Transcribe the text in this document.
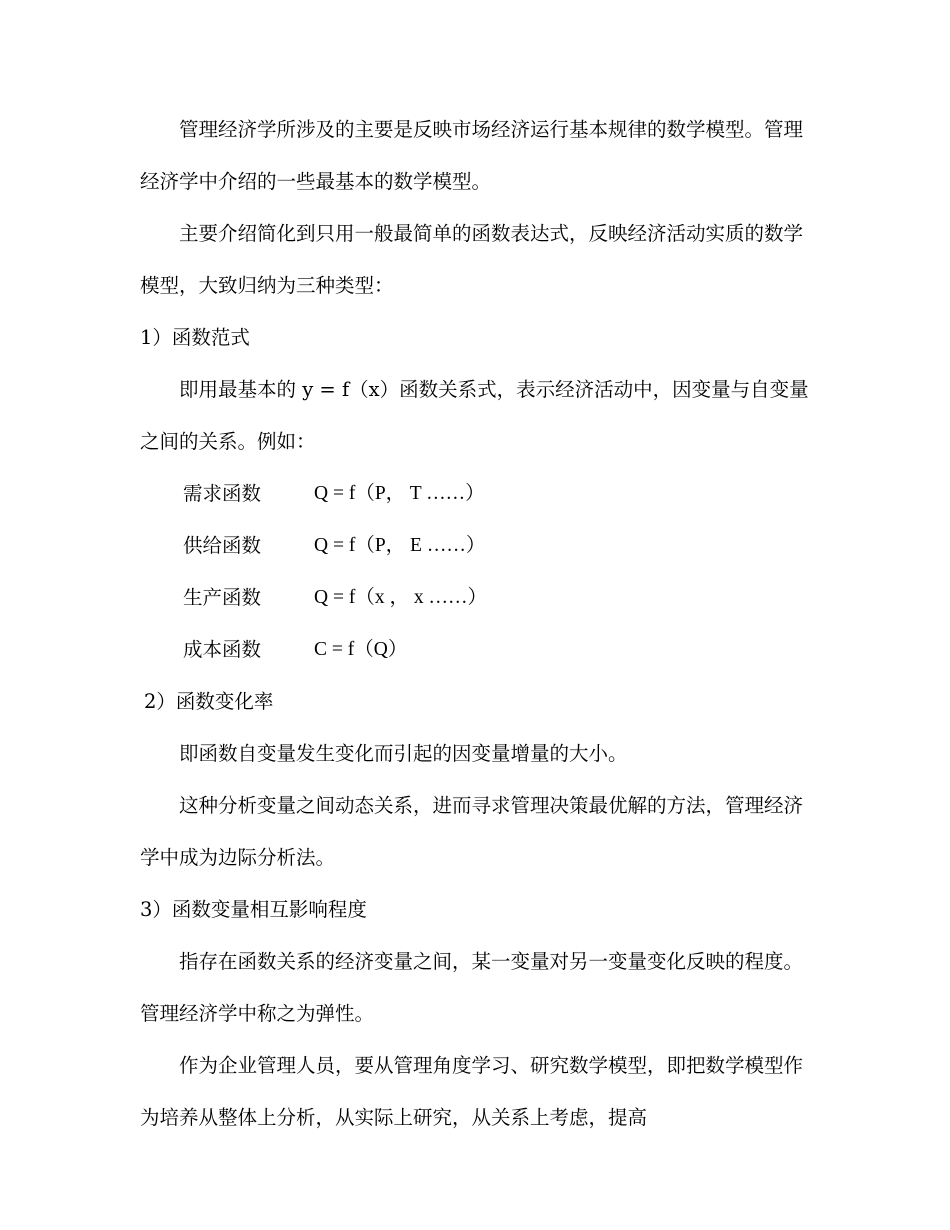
管理经济学所涉及的主要是反映市场经济运行基本规律的数学模型。管理经济学中介绍的一些最基本的数学模型。

主要介绍简化到只用一般最简单的函数表达式，反映经济活动实质的数学模型，大致归纳为三种类型：

1）函数范式

即用最基本的 y = f（x）函数关系式，表示经济活动中，因变量与自变量之间的关系。例如：

需求函数	Q = f（P， T ……）
供给函数	Q = f（P， E ……）
生产函数	Q = f（x ， x ……）
成本函数	C = f（Q）

2）函数变化率

即函数自变量发生变化而引起的因变量增量的大小。

这种分析变量之间动态关系，进而寻求管理决策最优解的方法，管理经济学中成为边际分析法。

3）函数变量相互影响程度

指存在函数关系的经济变量之间，某一变量对另一变量变化反映的程度。管理经济学中称之为弹性。

作为企业管理人员，要从管理角度学习、研究数学模型，即把数学模型作为培养从整体上分析，从实际上研究，从关系上考虑，提高
